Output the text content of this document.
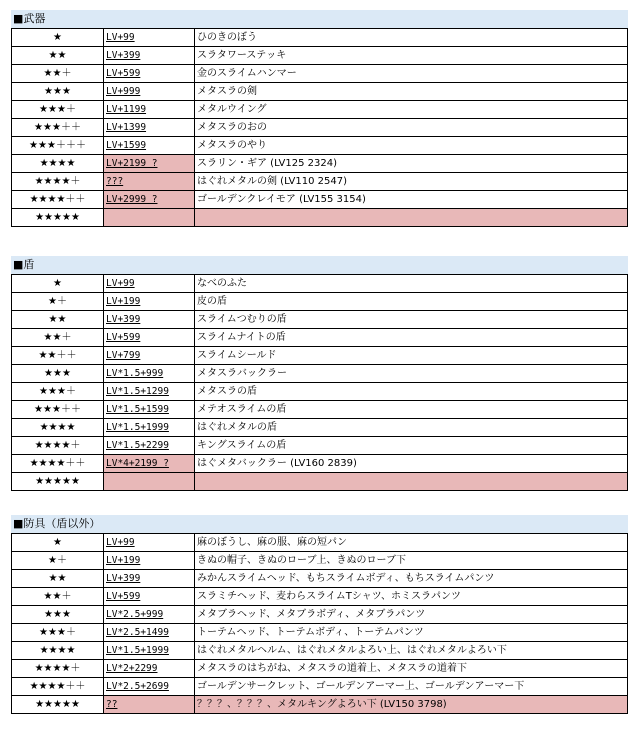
■武器
★	LV+99	ひのきのぼう
★★	LV+399	スラタワーステッキ
★★＋	LV+599	金のスライムハンマー
★★★	LV+999	メタスラの剣
★★★＋	LV+1199	メタルウイング
★★★＋＋	LV+1399	メタスラのおの
★★★＋＋＋	LV+1599	メタスラのやり
★★★★	LV+2199 ?	スラリン・ギア (LV125 2324)
★★★★＋	???	はぐれメタルの剣 (LV110 2547)
★★★★＋＋	LV+2999 ?	ゴールデンクレイモア (LV155 3154)
★★★★★		
■盾
★	LV+99	なべのふた
★＋	LV+199	皮の盾
★★	LV+399	スライムつむりの盾
★★＋	LV+599	スライムナイトの盾
★★＋＋	LV+799	スライムシールド
★★★	LV*1.5+999	メタスラバックラー
★★★＋	LV*1.5+1299	メタスラの盾
★★★＋＋	LV*1.5+1599	メテオスライムの盾
★★★★	LV*1.5+1999	はぐれメタルの盾
★★★★＋	LV*1.5+2299	キングスライムの盾
★★★★＋＋	LV*4+2199 ?	はぐメタバックラー (LV160 2839)
★★★★★		
■防具（盾以外）
★	LV+99	麻のぼうし、麻の服、麻の短パン
★＋	LV+199	きぬの帽子、きぬのローブ上、きぬのローブ下
★★	LV+399	みかんスライムヘッド、もちスライムボディ、もちスライムパンツ
★★＋	LV+599	スラミチヘッド、麦わらスライムTシャツ、ホミスラパンツ
★★★	LV*2.5+999	メタブラヘッド、メタブラボディ、メタブラパンツ
★★★＋	LV*2.5+1499	トーテムヘッド、トーテムボディ、トーテムパンツ
★★★★	LV*1.5+1999	はぐれメタルヘルム、はぐれメタルよろい上、はぐれメタルよろい下
★★★★＋	LV*2+2299	メタスラのはちがね、メタスラの道着上、メタスラの道着下
★★★★＋＋	LV*2.5+2699	ゴールデンサークレット、ゴールデンアーマー上、ゴールデンアーマー下
★★★★★	??	？？？、？？？、メタルキングよろい下 (LV150 3798)
